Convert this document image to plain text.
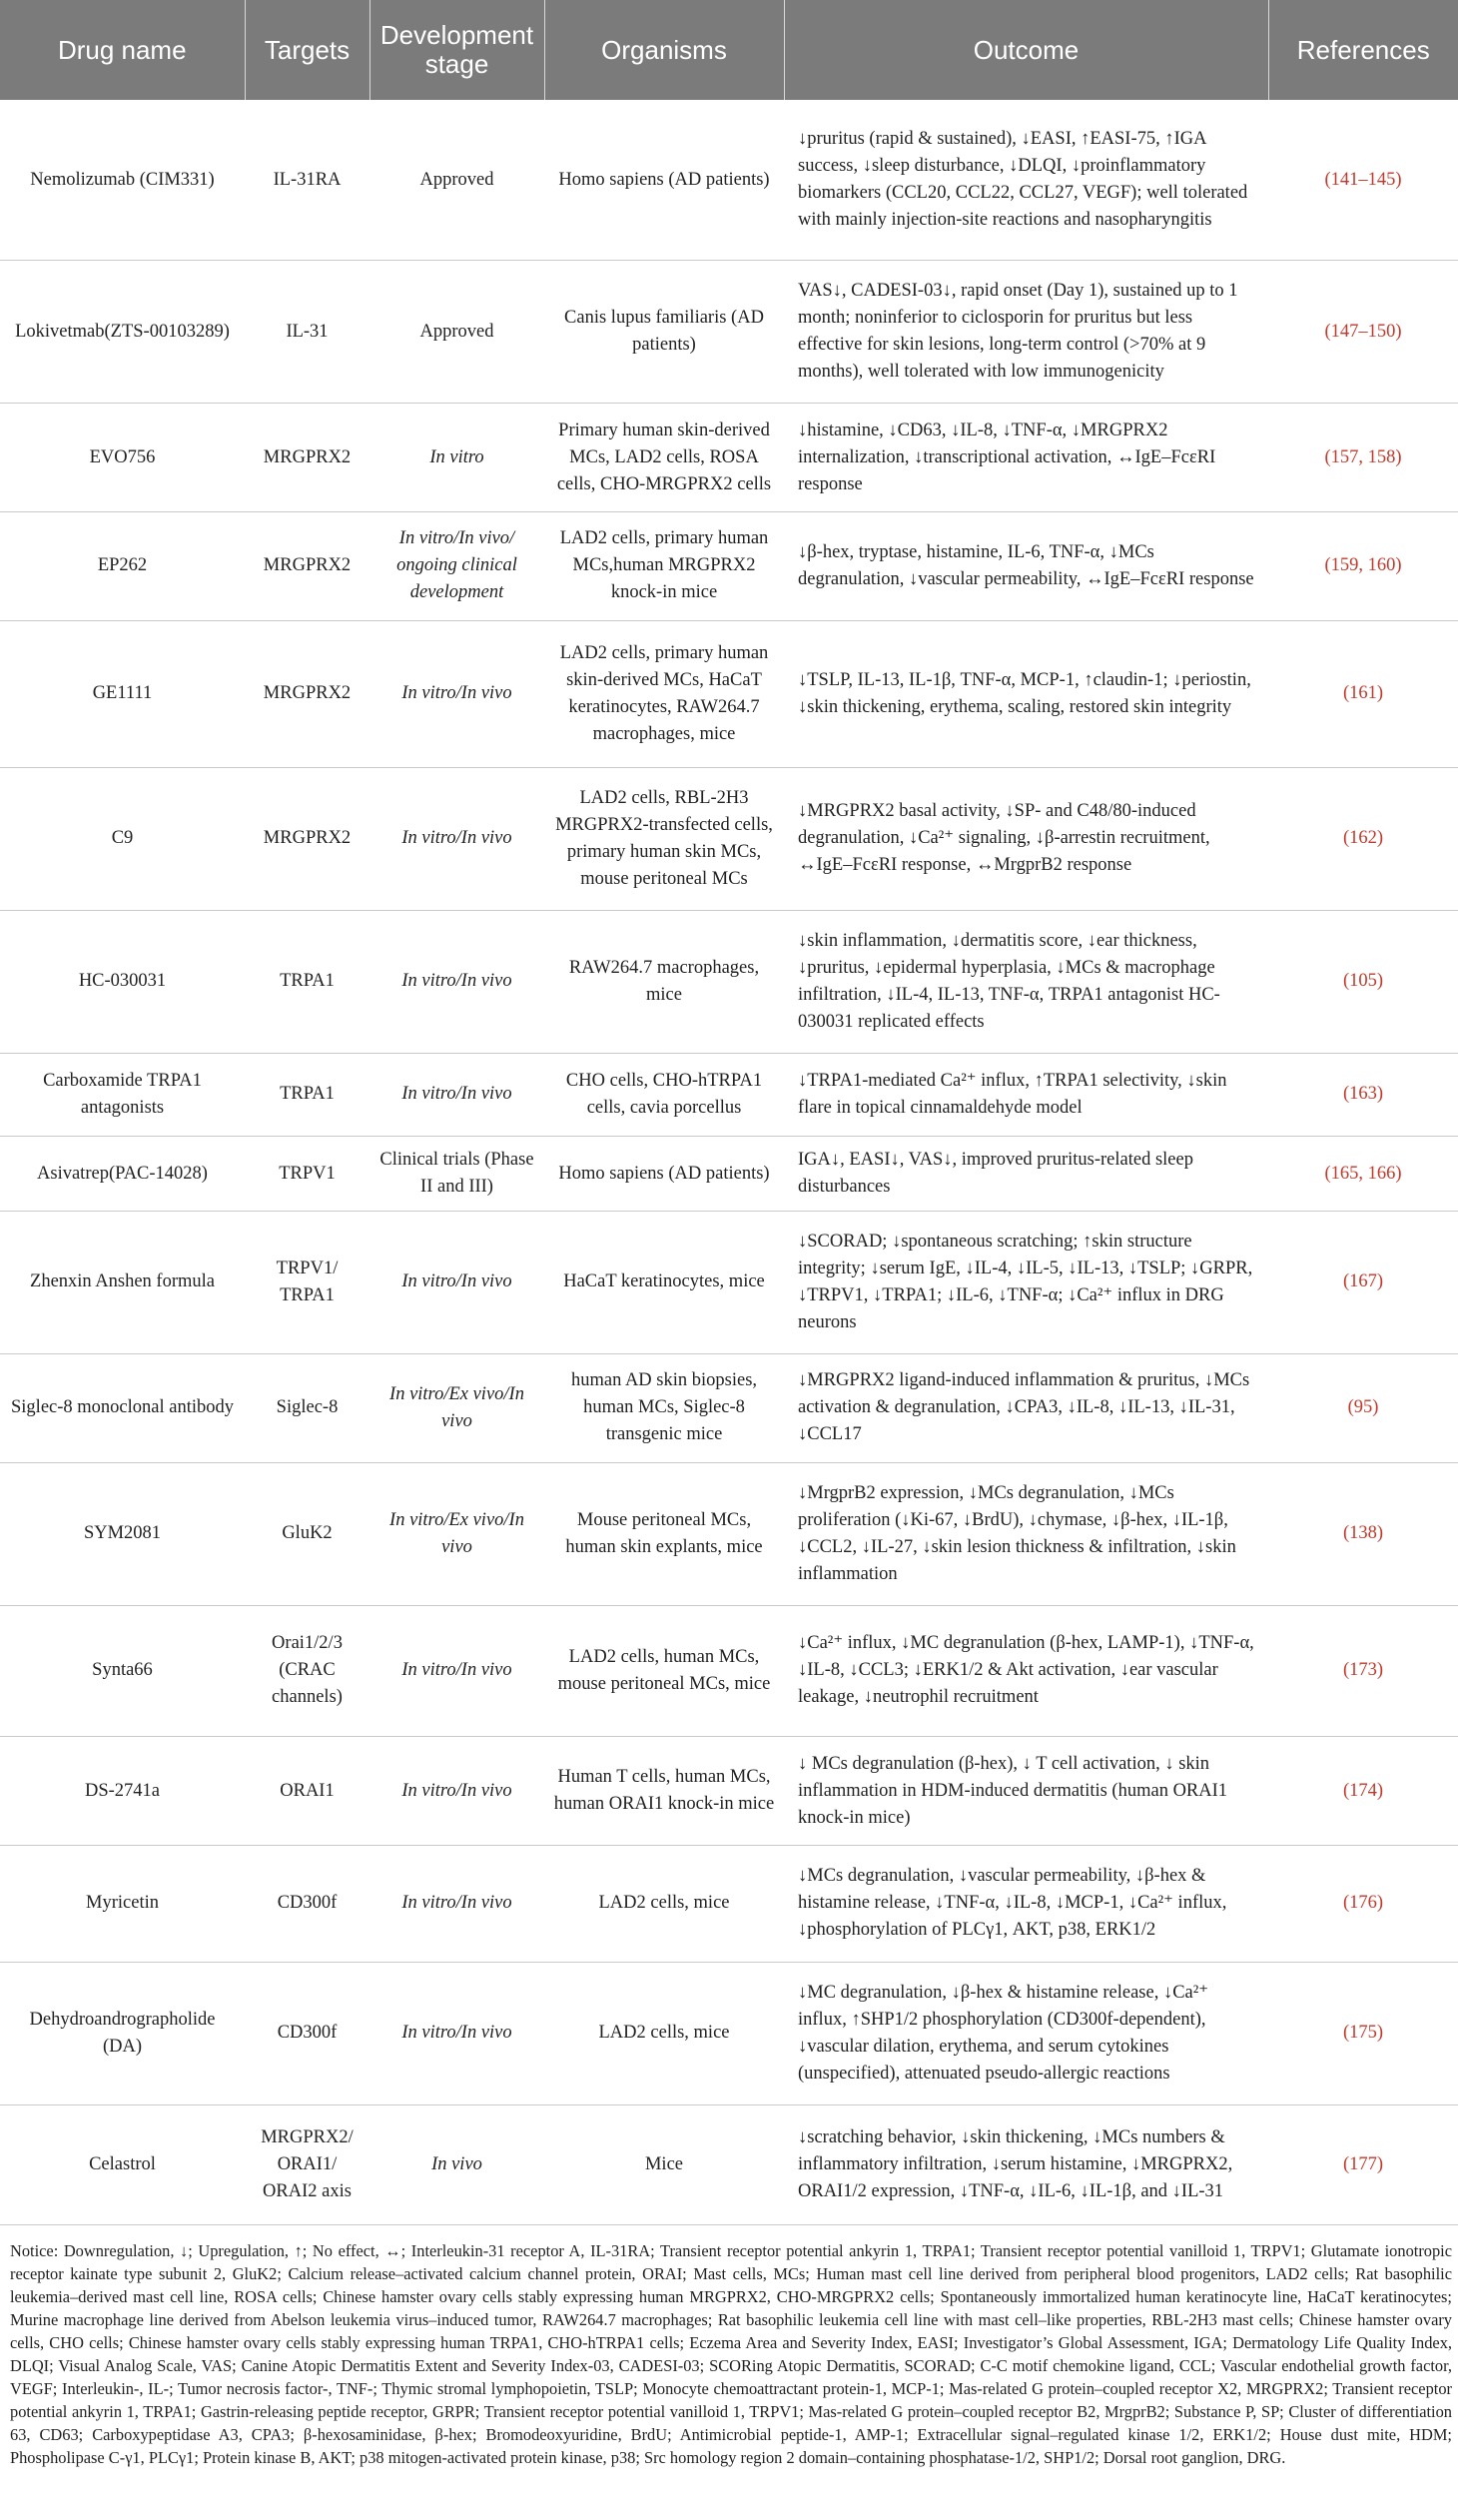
Drug name	Targets	Development stage	Organisms	Outcome	References
Nemolizumab (CIM331)	IL-31RA	Approved	Homo sapiens (AD patients)	↓pruritus (rapid & sustained), ↓EASI, ↑EASI-75, ↑IGA success, ↓sleep disturbance, ↓DLQI, ↓proinflammatory biomarkers (CCL20, CCL22, CCL27, VEGF); well tolerated with mainly injection-site reactions and nasopharyngitis	(141–145)
Lokivetmab(ZTS-00103289)	IL-31	Approved	Canis lupus familiaris (AD patients)	VAS↓, CADESI-03↓, rapid onset (Day 1), sustained up to 1 month; noninferior to ciclosporin for pruritus but less effective for skin lesions, long-term control (>70% at 9 months), well tolerated with low immunogenicity	(147–150)
EVO756	MRGPRX2	In vitro	Primary human skin-derived MCs, LAD2 cells, ROSA cells, CHO-MRGPRX2 cells	↓histamine, ↓CD63, ↓IL-8, ↓TNF-α, ↓MRGPRX2 internalization, ↓transcriptional activation, ↔IgE–FcεRI response	(157, 158)
EP262	MRGPRX2	In vitro/In vivo/ ongoing clinical development	LAD2 cells, primary human MCs,human MRGPRX2 knock-in mice	↓β-hex, tryptase, histamine, IL-6, TNF-α, ↓MCs degranulation, ↓vascular permeability, ↔IgE–FcεRI response	(159, 160)
GE1111	MRGPRX2	In vitro/In vivo	LAD2 cells, primary human skin-derived MCs, HaCaT keratinocytes, RAW264.7 macrophages, mice	↓TSLP, IL-13, IL-1β, TNF-α, MCP-1, ↑claudin-1; ↓periostin, ↓skin thickening, erythema, scaling, restored skin integrity	(161)
C9	MRGPRX2	In vitro/In vivo	LAD2 cells, RBL-2H3 MRGPRX2-transfected cells, primary human skin MCs, mouse peritoneal MCs	↓MRGPRX2 basal activity, ↓SP- and C48/80-induced degranulation, ↓Ca²⁺ signaling, ↓β-arrestin recruitment, ↔IgE–FcεRI response, ↔MrgprB2 response	(162)
HC-030031	TRPA1	In vitro/In vivo	RAW264.7 macrophages, mice	↓skin inflammation, ↓dermatitis score, ↓ear thickness, ↓pruritus, ↓epidermal hyperplasia, ↓MCs & macrophage infiltration, ↓IL-4, IL-13, TNF-α, TRPA1 antagonist HC-030031 replicated effects	(105)
Carboxamide TRPA1 antagonists	TRPA1	In vitro/In vivo	CHO cells, CHO-hTRPA1 cells, cavia porcellus	↓TRPA1-mediated Ca²⁺ influx, ↑TRPA1 selectivity, ↓skin flare in topical cinnamaldehyde model	(163)
Asivatrep(PAC-14028)	TRPV1	Clinical trials (Phase II and III)	Homo sapiens (AD patients)	IGA↓, EASI↓, VAS↓, improved pruritus-related sleep disturbances	(165, 166)
Zhenxin Anshen formula	TRPV1/ TRPA1	In vitro/In vivo	HaCaT keratinocytes, mice	↓SCORAD; ↓spontaneous scratching; ↑skin structure integrity; ↓serum IgE, ↓IL-4, ↓IL-5, ↓IL-13, ↓TSLP; ↓GRPR, ↓TRPV1, ↓TRPA1; ↓IL-6, ↓TNF-α; ↓Ca²⁺ influx in DRG neurons	(167)
Siglec-8 monoclonal antibody	Siglec-8	In vitro/Ex vivo/In vivo	human AD skin biopsies, human MCs, Siglec-8 transgenic mice	↓MRGPRX2 ligand-induced inflammation & pruritus, ↓MCs activation & degranulation, ↓CPA3, ↓IL-8, ↓IL-13, ↓IL-31, ↓CCL17	(95)
SYM2081	GluK2	In vitro/Ex vivo/In vivo	Mouse peritoneal MCs, human skin explants, mice	↓MrgprB2 expression, ↓MCs degranulation, ↓MCs proliferation (↓Ki-67, ↓BrdU), ↓chymase, ↓β-hex, ↓IL-1β, ↓CCL2, ↓IL-27, ↓skin lesion thickness & infiltration, ↓skin inflammation	(138)
Synta66	Orai1/2/3 (CRAC channels)	In vitro/In vivo	LAD2 cells, human MCs, mouse peritoneal MCs, mice	↓Ca²⁺ influx, ↓MC degranulation (β-hex, LAMP-1), ↓TNF-α, ↓IL-8, ↓CCL3; ↓ERK1/2 & Akt activation, ↓ear vascular leakage, ↓neutrophil recruitment	(173)
DS-2741a	ORAI1	In vitro/In vivo	Human T cells, human MCs, human ORAI1 knock-in mice	↓ MCs degranulation (β-hex), ↓ T cell activation, ↓ skin inflammation in HDM-induced dermatitis (human ORAI1 knock-in mice)	(174)
Myricetin	CD300f	In vitro/In vivo	LAD2 cells, mice	↓MCs degranulation, ↓vascular permeability, ↓β-hex & histamine release, ↓TNF-α, ↓IL-8, ↓MCP-1, ↓Ca²⁺ influx, ↓phosphorylation of PLCγ1, AKT, p38, ERK1/2	(176)
Dehydroandrographolide (DA)	CD300f	In vitro/In vivo	LAD2 cells, mice	↓MC degranulation, ↓β-hex & histamine release, ↓Ca²⁺ influx, ↑SHP1/2 phosphorylation (CD300f-dependent), ↓vascular dilation, erythema, and serum cytokines (unspecified), attenuated pseudo-allergic reactions	(175)
Celastrol	MRGPRX2/ ORAI1/ ORAI2 axis	In vivo	Mice	↓scratching behavior, ↓skin thickening, ↓MCs numbers & inflammatory infiltration, ↓serum histamine, ↓MRGPRX2, ORAI1/2 expression, ↓TNF-α, ↓IL-6, ↓IL-1β, and ↓IL-31	(177)
Notice: Downregulation, ↓; Upregulation, ↑; No effect, ↔; Interleukin-31 receptor A, IL-31RA; Transient receptor potential ankyrin 1, TRPA1; Transient receptor potential vanilloid 1, TRPV1; Glutamate ionotropic receptor kainate type subunit 2, GluK2; Calcium release–activated calcium channel protein, ORAI; Mast cells, MCs; Human mast cell line derived from peripheral blood progenitors, LAD2 cells; Rat basophilic leukemia–derived mast cell line, ROSA cells; Chinese hamster ovary cells stably expressing human MRGPRX2, CHO-MRGPRX2 cells; Spontaneously immortalized human keratinocyte line, HaCaT keratinocytes; Murine macrophage line derived from Abelson leukemia virus–induced tumor, RAW264.7 macrophages; Rat basophilic leukemia cell line with mast cell–like properties, RBL-2H3 mast cells; Chinese hamster ovary cells, CHO cells; Chinese hamster ovary cells stably expressing human TRPA1, CHO-hTRPA1 cells; Eczema Area and Severity Index, EASI; Investigator’s Global Assessment, IGA; Dermatology Life Quality Index, DLQI; Visual Analog Scale, VAS; Canine Atopic Dermatitis Extent and Severity Index-03, CADESI-03; SCORing Atopic Dermatitis, SCORAD; C-C motif chemokine ligand, CCL; Vascular endothelial growth factor, VEGF; Interleukin-, IL-; Tumor necrosis factor-, TNF-; Thymic stromal lymphopoietin, TSLP; Monocyte chemoattractant protein-1, MCP-1; Mas-related G protein–coupled receptor X2, MRGPRX2; Transient receptor potential ankyrin 1, TRPA1; Gastrin-releasing peptide receptor, GRPR; Transient receptor potential vanilloid 1, TRPV1; Mas-related G protein–coupled receptor B2, MrgprB2; Substance P, SP; Cluster of differentiation 63, CD63; Carboxypeptidase A3, CPA3; β-hexosaminidase, β-hex; Bromodeoxyuridine, BrdU; Antimicrobial peptide-1, AMP-1; Extracellular signal–regulated kinase 1/2, ERK1/2; House dust mite, HDM; Phospholipase C-γ1, PLCγ1; Protein kinase B, AKT; p38 mitogen-activated protein kinase, p38; Src homology region 2 domain–containing phosphatase-1/2, SHP1/2; Dorsal root ganglion, DRG.
